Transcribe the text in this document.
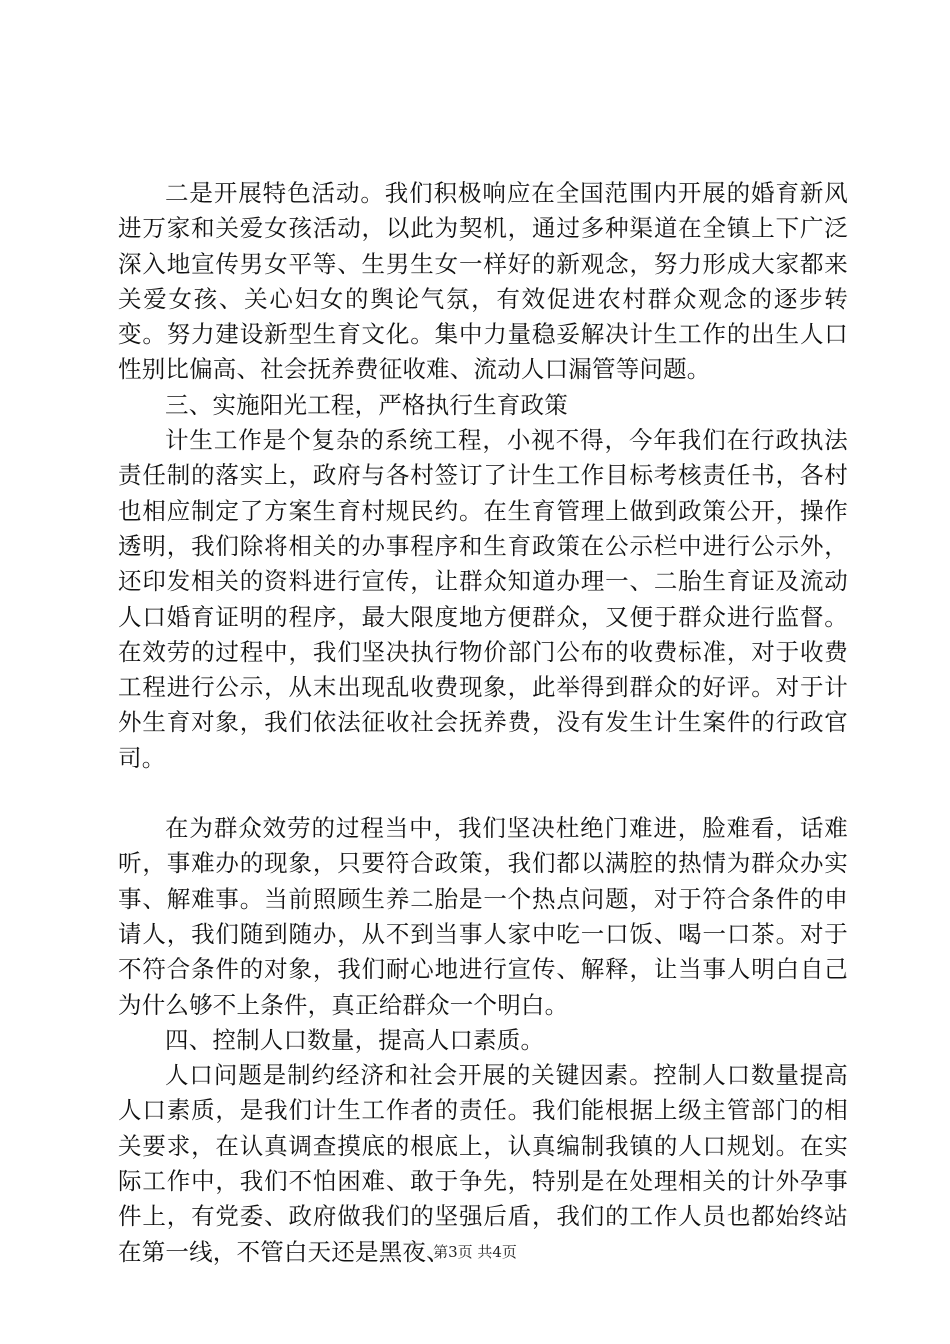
二是开展特色活动。我们积极响应在全国范围内开展的婚育新风进万家和关爱女孩活动，以此为契机，通过多种渠道在全镇上下广泛深入地宣传男女平等、生男生女一样好的新观念，努力形成大家都来关爱女孩、关心妇女的舆论气氛，有效促进农村群众观念的逐步转变。努力建设新型生育文化。集中力量稳妥解决计生工作的出生人口性别比偏高、社会抚养费征收难、流动人口漏管等问题。

三、实施阳光工程，严格执行生育政策

计生工作是个复杂的系统工程，小视不得，今年我们在行政执法责任制的落实上，政府与各村签订了计生工作目标考核责任书，各村也相应制定了方案生育村规民约。在生育管理上做到政策公开，操作透明，我们除将相关的办事程序和生育政策在公示栏中进行公示外，还印发相关的资料进行宣传，让群众知道办理一、二胎生育证及流动人口婚育证明的程序，最大限度地方便群众，又便于群众进行监督。在效劳的过程中，我们坚决执行物价部门公布的收费标准，对于收费工程进行公示，从末出现乱收费现象，此举得到群众的好评。对于计外生育对象，我们依法征收社会抚养费，没有发生计生案件的行政官司。

在为群众效劳的过程当中，我们坚决杜绝门难进，脸难看，话难听，事难办的现象，只要符合政策，我们都以满腔的热情为群众办实事、解难事。当前照顾生养二胎是一个热点问题，对于符合条件的申请人，我们随到随办，从不到当事人家中吃一口饭、喝一口茶。对于不符合条件的对象，我们耐心地进行宣传、解释，让当事人明白自己为什么够不上条件，真正给群众一个明白。

四、控制人口数量，提高人口素质。

人口问题是制约经济和社会开展的关键因素。控制人口数量提高人口素质，是我们计生工作者的责任。我们能根据上级主管部门的相关要求，在认真调查摸底的根底上，认真编制我镇的人口规划。在实际工作中，我们不怕困难、敢于争先，特别是在处理相关的计外孕事件上，有党委、政府做我们的坚强后盾，我们的工作人员也都始终站在第一线，不管白天还是黑夜、

第3页 共4页
